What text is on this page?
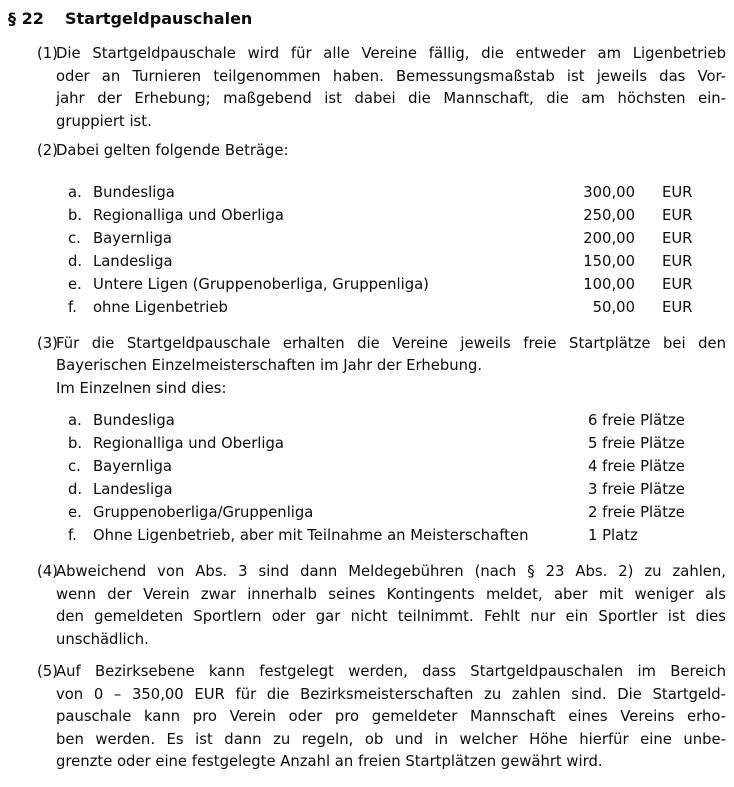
§ 22	Startgeldpauschalen
(1)
Die Startgeldpauschale wird für alle Vereine fällig, die entweder am Ligenbetrieb
oder an Turnieren teilgenommen haben. Bemessungsmaßstab ist jeweils das Vor-
jahr der Erhebung; maßgebend ist dabei die Mannschaft, die am höchsten ein-
gruppiert ist.
(2)
Dabei gelten folgende Beträge:
a. Bundesliga	300,00 EUR
b. Regionalliga und Oberliga	250,00 EUR
c. Bayernliga	200,00 EUR
d. Landesliga	150,00 EUR
e. Untere Ligen (Gruppenoberliga, Gruppenliga)	100,00 EUR
f.	ohne Ligenbetrieb	50,00 EUR
(3)
Für die Startgeldpauschale erhalten die Vereine jeweils freie Startplätze bei den
Bayerischen Einzelmeisterschaften im Jahr der Erhebung.
Im Einzelnen sind dies:
a. Bundesliga	6 freie Plätze
b. Regionalliga und Oberliga	5 freie Plätze
c. Bayernliga	4 freie Plätze
d. Landesliga	3 freie Plätze
e. Gruppenoberliga/Gruppenliga	2 freie Plätze
f.	Ohne Ligenbetrieb, aber mit Teilnahme an Meisterschaften	1 Platz
(4)
Abweichend von Abs. 3 sind dann Meldegebühren (nach § 23 Abs. 2) zu zahlen,
wenn der Verein zwar innerhalb seines Kontingents meldet, aber mit weniger als
den gemeldeten Sportlern oder gar nicht teilnimmt. Fehlt nur ein Sportler ist dies
unschädlich.
(5)
Auf Bezirksebene kann festgelegt werden, dass Startgeldpauschalen im Bereich
von 0 – 350,00 EUR für die Bezirksmeisterschaften zu zahlen sind. Die Startgeld-
pauschale kann pro Verein oder pro gemeldeter Mannschaft eines Vereins erho-
ben werden. Es ist dann zu regeln, ob und in welcher Höhe hierfür eine unbe-
grenzte oder eine festgelegte Anzahl an freien Startplätzen gewährt wird.
